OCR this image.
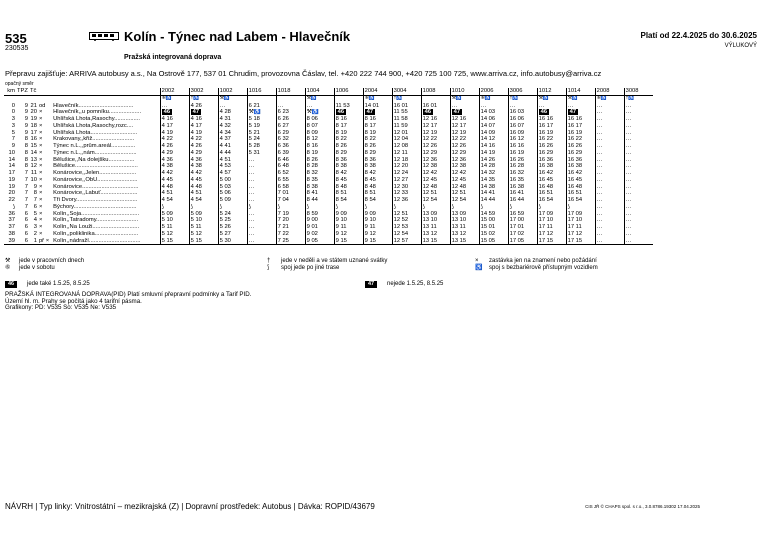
535
230535
Kolín - Týnec nad Labem - Hlavečník
Pražská integrovaná doprava
Platí od 22.4.2025 do 30.6.2025
VÝLUKOVÝ
Přepravu zajišťuje: ARRIVA autobusy a.s., Na Ostrově 177, 537 01 Chrudim, provozovna Čáslav, tel. +420 222 744 900, +420 725 100 725, www.arriva.cz, info.autobusy@arriva.cz
opačný směr
km	TPZ	Tč			2002	3002	1002	1016	1018	1004	1006	2004	3004	1008	1010	2006	3006	1012	1014	2008	3008
					⑥♿	†♿	⚒♿			⚒♿		⑥♿	†♿		⚒♿	⑥♿	†♿	⚒♿	⚒♿	⑥♿	†♿
0	9	21	od	Hlavečník..................................	…	4 26	…	6 21	…	…	11 53	14 01	16 01	16 01	…	…	…	…	…	…	…
0	9	20	×	Hlavečník,,u pomníku....................	46	47	4 28	⚒♿	6 23	⚒♿	46	47	11 55	46	47	14 03	16 03	46	47	…	…
3	9	19	×	Uhlířská Lhota,Rasochy................	4 16	4 16	4 31	5 18	6 26	8 06	8 16	8 16	11 58	12 16	12 16	14 06	16 06	16 16	16 16	…	…
3	9	18	×	Uhlířská Lhota,Rasochy,rozc....	4 17	4 17	4 32	5 19	6 27	8 07	8 17	8 17	11 59	12 17	12 17	14 07	16 07	16 17	16 17	…	…
5	9	17	×	Uhlířská Lhota.............................	4 19	4 19	4 34	5 21	6 29	8 09	8 19	8 19	12 01	12 19	12 19	14 09	16 09	16 19	16 19	…	…
7	8	16	×	Krakovany,,křiž..........................	4 22	4 22	4 37	5 24	6 32	8 12	8 22	8 22	12 04	12 22	12 22	14 12	16 12	16 22	16 22	…	…
9	8	15	×	Týnec n.L.,,prům.areál...............	4 26	4 26	4 41	5 28	6 36	8 16	8 26	8 26	12 08	12 26	12 26	14 16	16 16	16 26	16 26	…	…
10	8	14	×	Týnec n.L.,,nám..........................	4 29	4 29	4 44	5 31	6 39	8 19	8 29	8 29	12 11	12 29	12 29	14 19	16 19	16 29	16 29	…	…
14	8	13	×	Bělušice,,Na dolejšku................	4 36	4 36	4 51	…	6 46	8 26	8 36	8 36	12 18	12 36	12 36	14 26	16 26	16 36	16 36	…	…
14	8	12	×	Bělušice.......................................	4 38	4 38	4 53	…	6 48	8 28	8 38	8 38	12 20	12 38	12 38	14 28	16 28	16 38	16 38	…	…
17	7	11	×	Konárovice,,Jelen.......................	4 42	4 42	4 57	…	6 52	8 32	8 42	8 42	12 24	12 42	12 42	14 32	16 32	16 42	16 42	…	…
19	7	10	×	Konárovice,,ObÚ.........................	4 45	4 45	5 00	…	6 55	8 35	8 45	8 45	12 27	12 45	12 45	14 35	16 35	16 45	16 45	…	…
19	7	9	×	Konárovice...................................	4 48	4 48	5 03	…	6 58	8 38	8 48	8 48	12 30	12 48	12 48	14 38	16 38	16 48	16 48	…	…
20	7	8	×	Konárovice,,Labuť.......................	4 51	4 51	5 06	…	7 01	8 41	8 51	8 51	12 33	12 51	12 51	14 41	16 41	16 51	16 51	…	…
22	7	7	×	Tři Dvory......................................	4 54	4 54	5 09	…	7 04	8 44	8 54	8 54	12 36	12 54	12 54	14 44	16 44	16 54	16 54	…	…
⟆	7	6	×	Býchory.......................................	⟆	⟆	⟆	⟆	⟆	⟆	⟆	⟆	⟆	⟆	⟆	⟆	⟆	⟆	⟆	…	…
36	6	5	×	Kolín,,Šoja....................................	5 09	5 09	5 24	…	7 19	8 59	9 09	9 09	12 51	13 09	13 09	14 59	16 59	17 09	17 09	…	…
37	6	4	×	Kolín,,Tatradomy..........................	5 10	5 10	5 25	…	7 20	9 00	9 10	9 10	12 52	13 10	13 10	15 00	17 00	17 10	17 10	…	…
37	6	3	×	Kolín,,Na Louži.............................	5 11	5 11	5 26	…	7 21	9 01	9 11	9 11	12 53	13 11	13 11	15 01	17 01	17 11	17 11	…	…
38	6	2	×	Kolín,,poliklinika...........................	5 12	5 12	5 27	…	7 22	9 02	9 12	9 12	12 54	13 12	13 12	15 02	17 02	17 12	17 12	…	…
39	6	1	př ×	Kolín,,nádraží................................	5 15	5 15	5 30	…	7 25	9 05	9 15	9 15	12 57	13 15	13 15	15 05	17 05	17 15	17 15	…	…
⚒ jede v pracovních dnech
⑥ jede v sobotu
† jede v neděli a ve státem uznané svátky
⟆ spoj jede po jiné trase
× zastávka jen na znamení nebo požádání
♿ spoj s bezbariérově přístupným vozidlem
46	jede také 1.5.25, 8.5.25	47	nejede 1.5.25, 8.5.25
PRAŽSKÁ INTEGROVANÁ DOPRAVA(PID) Platí smluvní přepravní podmínky a Tarif PID.
Území hl. m. Prahy se počítá jako 4 tarifní pásma.
Grafikony: PD: V535 So: V535 Ne: V535
NÁVRH | Typ linky: Vnitrostátní – mezikrajská (Z) | Dopravní prostředek: Autobus | Dávka: ROPID/43679	CIS JŘ © CHAPS spol. s r.o., 3.0.8786.19302 17.04.2025
